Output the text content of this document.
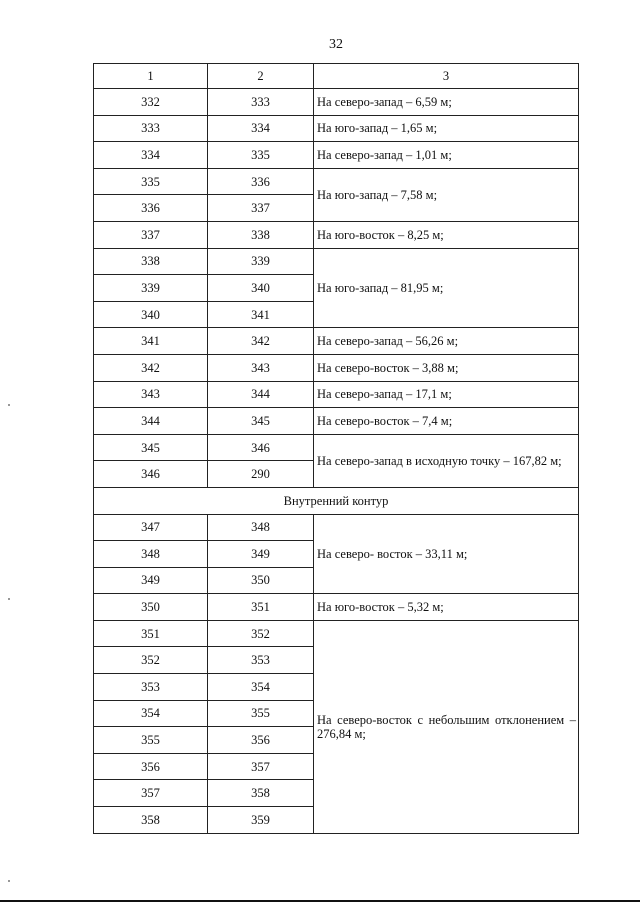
32
1	2	3
332	333	На северо-запад – 6,59 м;
333	334	На юго-запад – 1,65 м;
334	335	На северо-запад – 1,01 м;
335	336	На юго-запад – 7,58 м;
336	337	
337	338	На юго-восток – 8,25 м;
338	339	На юго-запад – 81,95 м;
339	340	
340	341	
341	342	На северо-запад – 56,26 м;
342	343	На северо-восток – 3,88 м;
343	344	На северо-запад – 17,1 м;
344	345	На северо-восток – 7,4 м;
345	346	На северо-запад в исходную точку – 167,82 м;
346	290	
Внутренний контур		
347	348	На северо- восток – 33,11 м;
348	349	
349	350	
350	351	На юго-восток – 5,32 м;
351	352	На северо-восток с небольшим отклонением – 276,84 м;
352	353	
353	354	
354	355	
355	356	
356	357	
357	358	
358	359	
